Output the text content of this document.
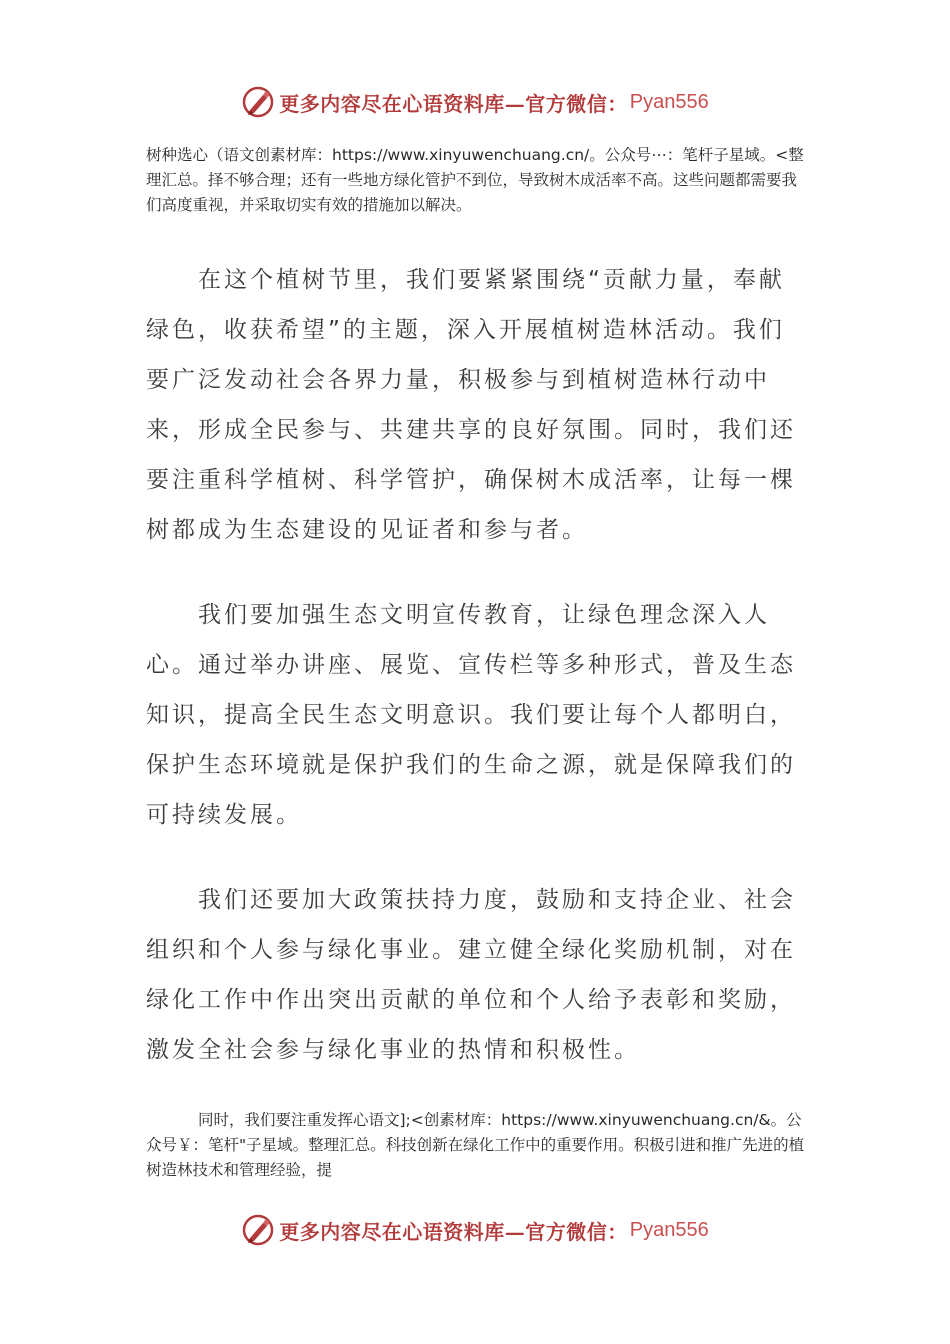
更多内容尽在心语资料库—官方微信： Pyan556

树种选心（语文创素材库：https://www.xinyuwenchuang.cn/。公众号⋯：笔杆子星域。<整理汇总。择不够合理；还有一些地方绿化管护不到位，导致树木成活率不高。这些问题都需要我们高度重视，并采取切实有效的措施加以解决。

在这个植树节里，我们要紧紧围绕“贡献力量，奉献绿色，收获希望”的主题，深入开展植树造林活动。我们要广泛发动社会各界力量，积极参与到植树造林行动中来，形成全民参与、共建共享的良好氛围。同时，我们还要注重科学植树、科学管护，确保树木成活率，让每一棵树都成为生态建设的见证者和参与者。

我们要加强生态文明宣传教育，让绿色理念深入人心。通过举办讲座、展览、宣传栏等多种形式，普及生态知识，提高全民生态文明意识。我们要让每个人都明白，保护生态环境就是保护我们的生命之源，就是保障我们的可持续发展。

我们还要加大政策扶持力度，鼓励和支持企业、社会组织和个人参与绿化事业。建立健全绿化奖励机制，对在绿化工作中作出突出贡献的单位和个人给予表彰和奖励，激发全社会参与绿化事业的热情和积极性。

同时，我们要注重发挥心语文];<创素材库：https://www.xinyuwenchuang.cn/&。公众号￥：笔杆"子星域。整理汇总。科技创新在绿化工作中的重要作用。积极引进和推广先进的植树造林技术和管理经验，提

更多内容尽在心语资料库—官方微信： Pyan556
